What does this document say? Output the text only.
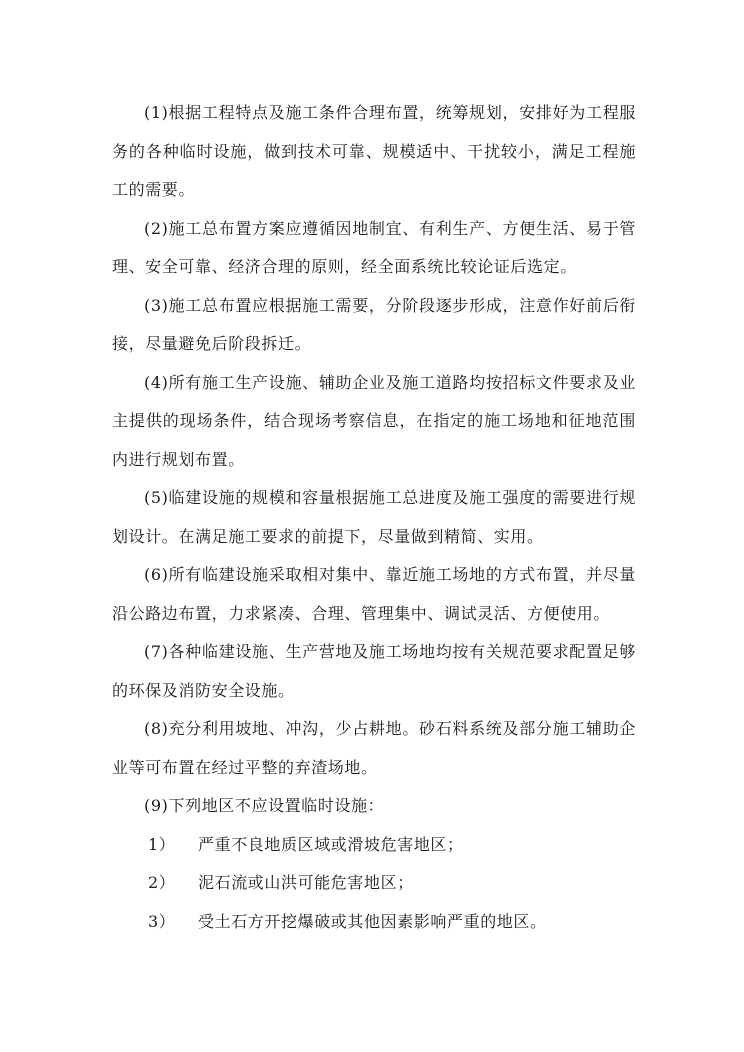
(1)根据工程特点及施工条件合理布置，统筹规划，安排好为工程服务的各种临时设施，做到技术可靠、规模适中、干扰较小，满足工程施工的需要。

(2)施工总布置方案应遵循因地制宜、有利生产、方便生活、易于管理、安全可靠、经济合理的原则，经全面系统比较论证后选定。

(3)施工总布置应根据施工需要，分阶段逐步形成，注意作好前后衔接，尽量避免后阶段拆迁。

(4)所有施工生产设施、辅助企业及施工道路均按招标文件要求及业主提供的现场条件，结合现场考察信息，在指定的施工场地和征地范围内进行规划布置。

(5)临建设施的规模和容量根据施工总进度及施工强度的需要进行规划设计。在满足施工要求的前提下，尽量做到精简、实用。

(6)所有临建设施采取相对集中、靠近施工场地的方式布置，并尽量沿公路边布置，力求紧凑、合理、管理集中、调试灵活、方便使用。

(7)各种临建设施、生产营地及施工场地均按有关规范要求配置足够的环保及消防安全设施。

(8)充分利用坡地、冲沟，少占耕地。砂石料系统及部分施工辅助企业等可布置在经过平整的弃渣场地。

(9)下列地区不应设置临时设施：

1） 严重不良地质区域或滑坡危害地区；
2） 泥石流或山洪可能危害地区；
3） 受土石方开挖爆破或其他因素影响严重的地区。
